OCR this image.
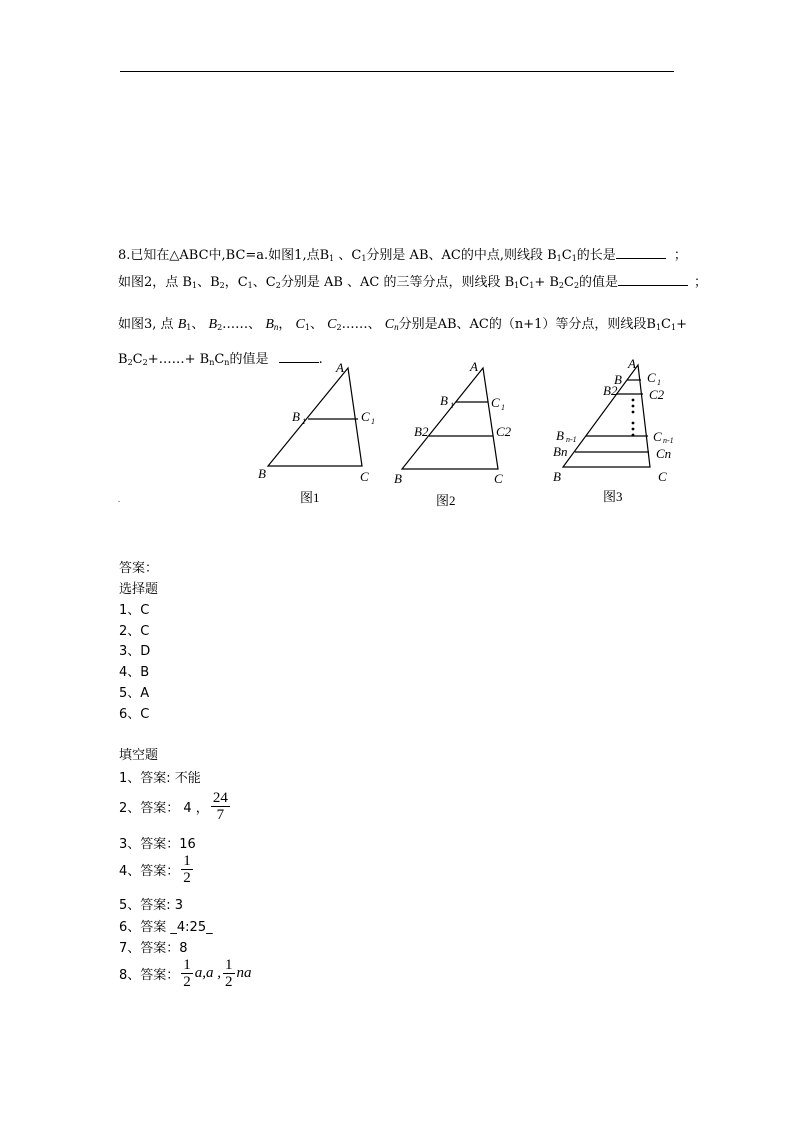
8.已知在△ABC中,BC=a.如图1,点$B_1$ 、$C_1$分别是 AB、AC的中点,则线段 $B_1C_1$的长是	；
如图2，点 $B_1$、$B_2$，$C_1$、$C_2$分别是 AB 、AC 的三等分点，则线段 $B_1C_1+ B_2C_2$的值是	；
如图3, 点 $B_1$、 $B_2\dots\dots$、 $B_n$， $C_1$、 $C_2\dots\dots$、 $C_n$分别是AB、AC的（n+1）等分点，则线段$B_1C_1+$
$B_2C_2+\dots\dots+ B_nC_n$的值是	.
A
B 1	C 1
B	C
A
B 1	C 1
B2	C2
B	C
A
B C 1
B2 C2
B n-1	C n-1
Bn	Cn
B	C
图1	图2	图3
.
答案：
选择题
1、C
2、C
3、D
4、B
5、A
6、C
填空题
1、答案: 不能
2、答案： 4 ， $\frac{24}{7}$
3、答案：16
4、答案： $\frac{1}{2}$
5、答案: 3
6、答案 _4:25_
7、答案：8
8、答案： $\frac{1}{2} a,a$ , $\frac{1}{2}$ na
